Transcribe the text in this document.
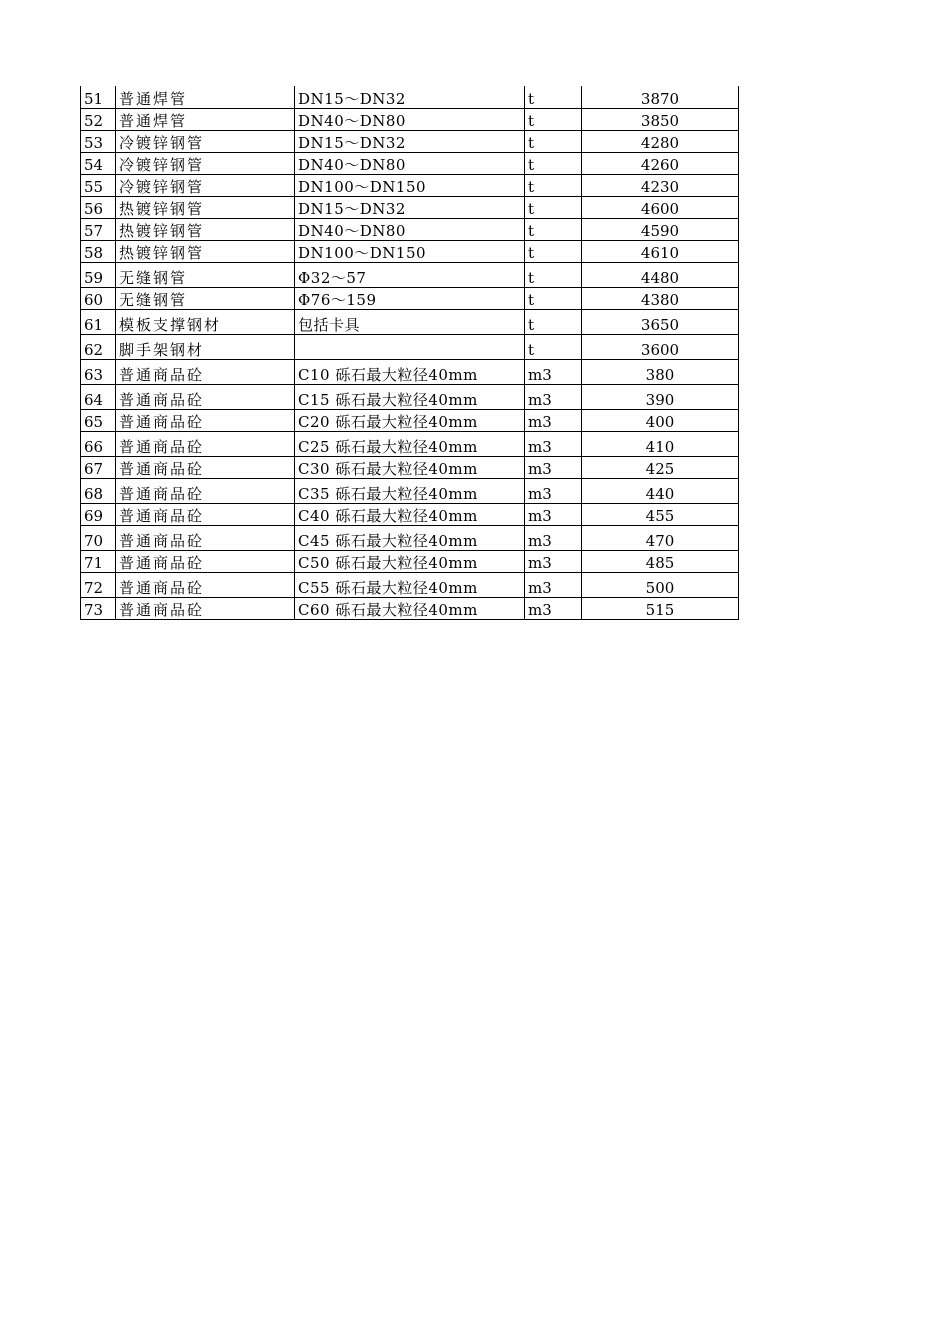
51	普通焊管	DN15～DN32	t	3870
52	普通焊管	DN40～DN80	t	3850
53	冷镀锌钢管	DN15～DN32	t	4280
54	冷镀锌钢管	DN40～DN80	t	4260
55	冷镀锌钢管	DN100～DN150	t	4230
56	热镀锌钢管	DN15～DN32	t	4600
57	热镀锌钢管	DN40～DN80	t	4590
58	热镀锌钢管	DN100～DN150	t	4610
59	无缝钢管	Φ32～57	t	4480
60	无缝钢管	Φ76～159	t	4380
61	模板支撑钢材	包括卡具	t	3650
62	脚手架钢材		t	3600
63	普通商品砼	C10 砾石最大粒径40mm	m3	380
64	普通商品砼	C15 砾石最大粒径40mm	m3	390
65	普通商品砼	C20 砾石最大粒径40mm	m3	400
66	普通商品砼	C25 砾石最大粒径40mm	m3	410
67	普通商品砼	C30 砾石最大粒径40mm	m3	425
68	普通商品砼	C35 砾石最大粒径40mm	m3	440
69	普通商品砼	C40 砾石最大粒径40mm	m3	455
70	普通商品砼	C45 砾石最大粒径40mm	m3	470
71	普通商品砼	C50 砾石最大粒径40mm	m3	485
72	普通商品砼	C55 砾石最大粒径40mm	m3	500
73	普通商品砼	C60 砾石最大粒径40mm	m3	515
